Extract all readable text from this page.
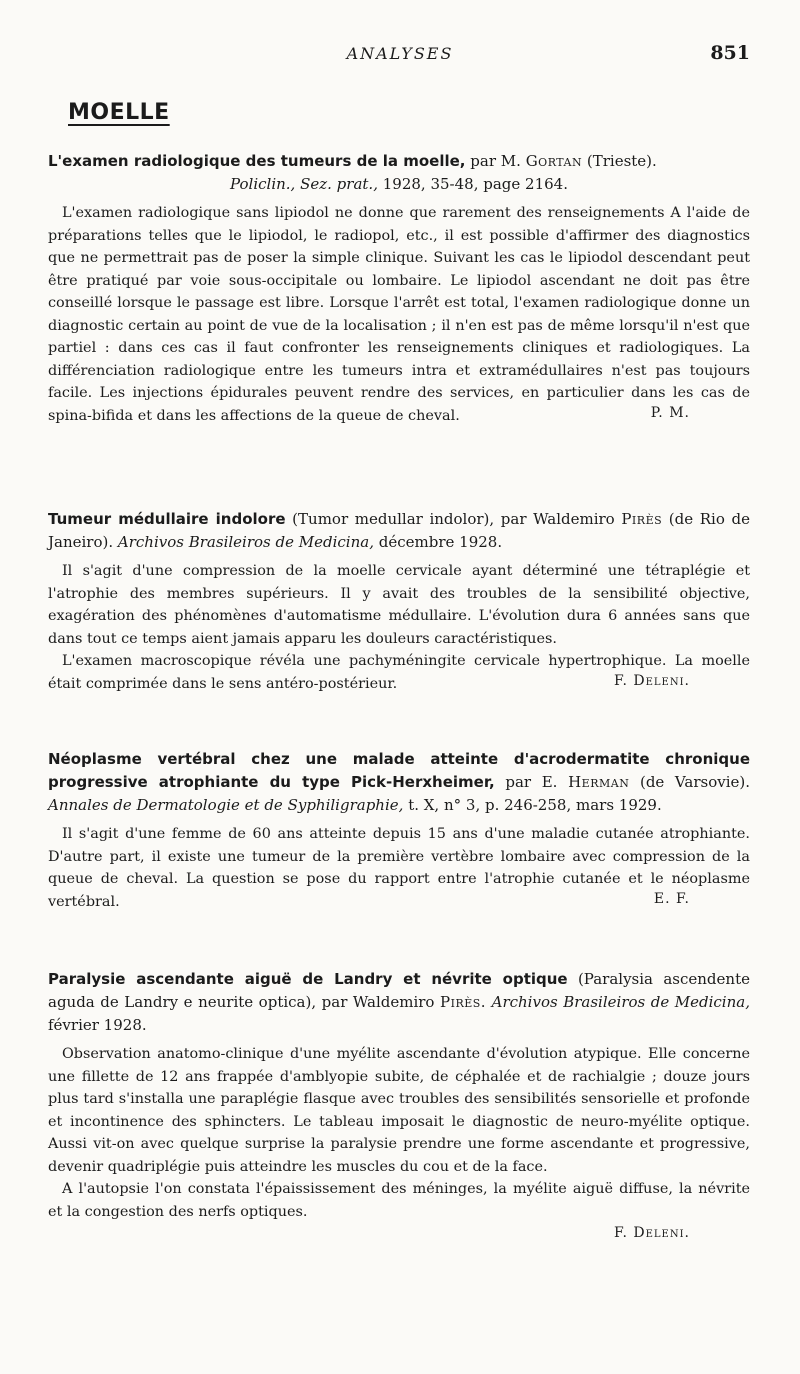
ANALYSES	851
MOELLE

L'examen radiologique des tumeurs de la moelle, par M. Gortan (Trieste).

Policlin., Sez. prat., 1928, 35-48, page 2164.

L'examen radiologique sans lipiodol ne donne que rarement des renseignements A l'aide de préparations telles que le lipiodol, le radiopol, etc., il est possible d'affirmer des diagnostics que ne permettrait pas de poser la simple clinique. Suivant les cas le lipiodol descendant peut être pratiqué par voie sous-occipitale ou lombaire. Le lipiodol ascendant ne doit pas être conseillé lorsque le passage est libre. Lorsque l'arrêt est total, l'examen radiologique donne un diagnostic certain au point de vue de la localisation ; il n'en est pas de même lorsqu'il n'est que partiel : dans ces cas il faut confronter les renseignements cliniques et radiologiques. La différenciation radiologique entre les tumeurs intra et extramédullaires n'est pas toujours facile. Les injections épidurales peuvent rendre des services, en particulier dans les cas de spina-bifida et dans les affections de la queue de cheval.	P. M.

Tumeur médullaire indolore (Tumor medullar indolor), par Waldemiro Pirès (de Rio de Janeiro). Archivos Brasileiros de Medicina, décembre 1928.

Il s'agit d'une compression de la moelle cervicale ayant déterminé une tétraplégie et l'atrophie des membres supérieurs. Il y avait des troubles de la sensibilité objective, exagération des phénomènes d'automatisme médullaire. L'évolution dura 6 années sans que dans tout ce temps aient jamais apparu les douleurs caractéristiques.

L'examen macroscopique révéla une pachyméningite cervicale hypertrophique. La moelle était comprimée dans le sens antéro-postérieur.	F. Deleni.

Néoplasme vertébral chez une malade atteinte d'acrodermatite chronique progressive atrophiante du type Pick-Herxheimer, par E. Herman (de Varsovie). Annales de Dermatologie et de Syphiligraphie, t. X, n° 3, p. 246-258, mars 1929.

Il s'agit d'une femme de 60 ans atteinte depuis 15 ans d'une maladie cutanée atrophiante. D'autre part, il existe une tumeur de la première vertèbre lombaire avec compression de la queue de cheval. La question se pose du rapport entre l'atrophie cutanée et le néoplasme vertébral.	E. F.

Paralysie ascendante aiguë de Landry et névrite optique (Paralysia ascendente aguda de Landry e neurite optica), par Waldemiro Pirès. Archivos Brasileiros de Medicina, février 1928.

Observation anatomo-clinique d'une myélite ascendante d'évolution atypique. Elle concerne une fillette de 12 ans frappée d'amblyopie subite, de céphalée et de rachialgie ; douze jours plus tard s'installa une paraplégie flasque avec troubles des sensibilités sensorielle et profonde et incontinence des sphincters. Le tableau imposait le diagnostic de neuro-myélite optique. Aussi vit-on avec quelque surprise la paralysie prendre une forme ascendante et progressive, devenir quadriplégie puis atteindre les muscles du cou et de la face.

A l'autopsie l'on constata l'épaississement des méninges, la myélite aiguë diffuse, la névrite et la congestion des nerfs optiques.

F. Deleni.
